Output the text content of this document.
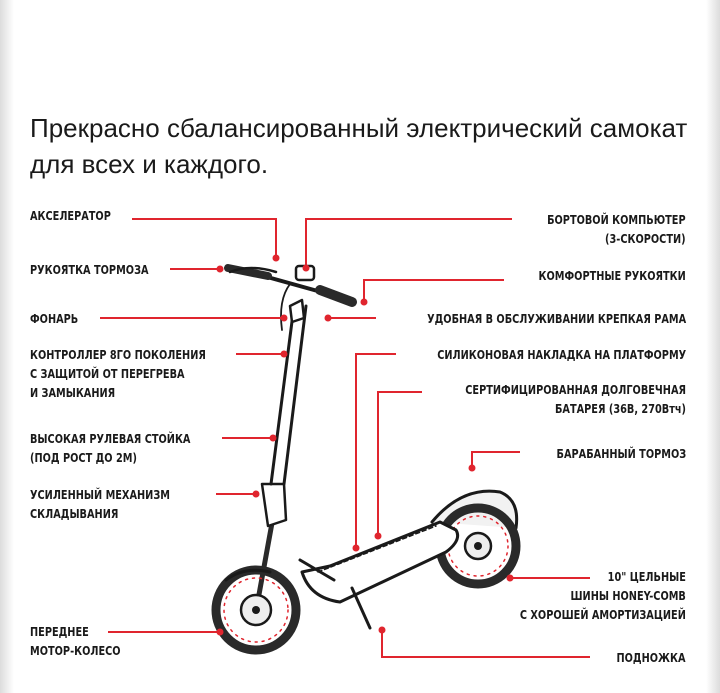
Прекрасно сбалансированный электрический самокат для всех и каждого.
АКСЕЛЕРАТОР
РУКОЯТКА ТОРМОЗА
ФОНАРЬ
КОНТРОЛЛЕР 8ГО ПОКОЛЕНИЯ
С ЗАЩИТОЙ ОТ ПЕРЕГРЕВА
И ЗАМЫКАНИЯ
ВЫСОКАЯ РУЛЕВАЯ СТОЙКА
(ПОД РОСТ ДО 2М)
УСИЛЕННЫЙ МЕХАНИЗМ
СКЛАДЫВАНИЯ
ПЕРЕДНЕЕ
МОТОР-КОЛЕСО
БОРТОВОЙ КОМПЬЮТЕР
(3-СКОРОСТИ)
КОМФОРТНЫЕ РУКОЯТКИ
УДОБНАЯ В ОБСЛУЖИВАНИИ КРЕПКАЯ РАМА
СИЛИКОНОВАЯ НАКЛАДКА НА ПЛАТФОРМУ
СЕРТИФИЦИРОВАННАЯ ДОЛГОВЕЧНАЯ
БАТАРЕЯ (36В, 270Втч)
БАРАБАННЫЙ ТОРМОЗ
10" ЦЕЛЬНЫЕ
ШИНЫ HONEY-COMB
С ХОРОШЕЙ АМОРТИЗАЦИЕЙ
ПОДНОЖКА
